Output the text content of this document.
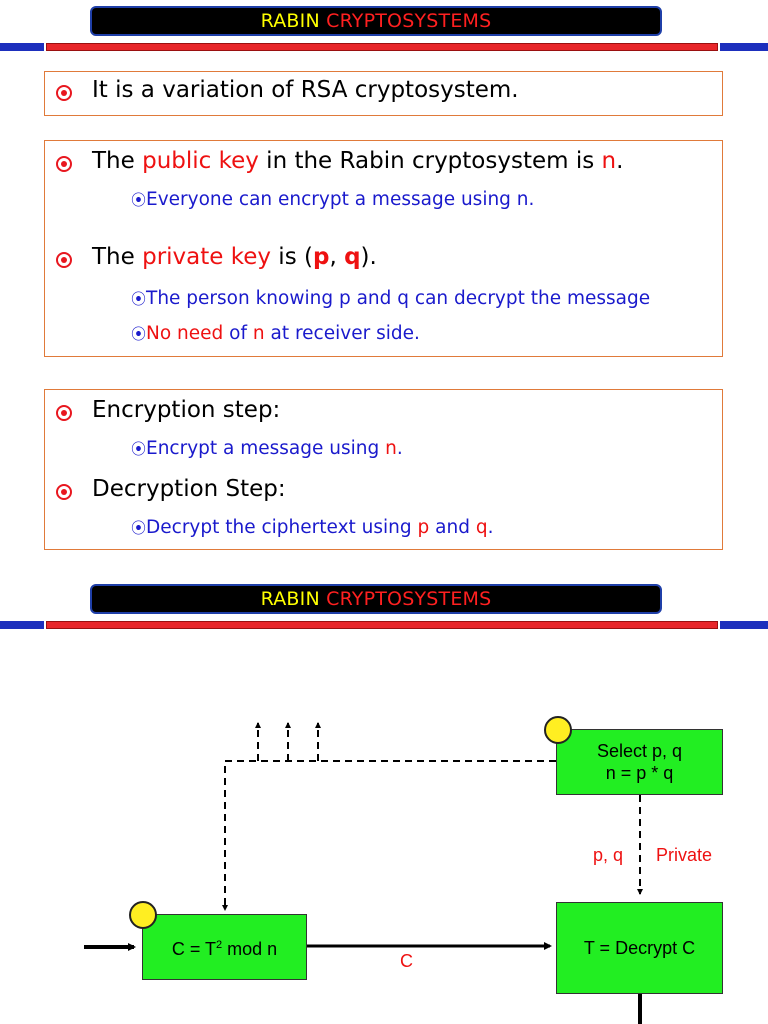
RABIN
CRYPTOSYSTEMS
It is a variation of RSA cryptosystem.
The public key in the Rabin cryptosystem is n.
⦿Everyone can encrypt a message using n.
The private key is (p, q).
⦿The person knowing p and q can decrypt the message
⦿No need of n at receiver side.
Encryption step:
⦿Encrypt a message using n.
Decryption Step:
⦿Decrypt the ciphertext using p and q.
RABIN
CRYPTOSYSTEMS
Select p, q
n = p * q
$C = T^2$ mod n	T = Decrypt C
p, q Private
C
